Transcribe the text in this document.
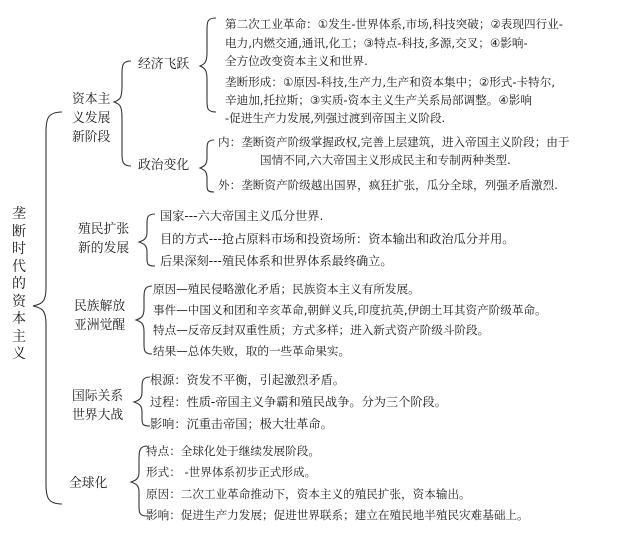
垄断时代的资本主义
资本主
义发展
新阶段
经济飞跃
政治变化
第二次工业革命：①发生-世界体系,市场,科技突破；②表现四行业-
电力,内燃交通,通讯,化工；③特点-科技,多源,交叉；④影响-
全方位改变资本主义和世界.
垄断形成：①原因-科技,生产力,生产和资本集中；②形式-卡特尔,
辛迪加,托拉斯；③实质-资本主义生产关系局部调整。④影响
-促进生产力发展,列强过渡到帝国主义阶段.
内：垄断资产阶级掌握政权,完善上层建筑，进入帝国主义阶段；由于
国情不同,六大帝国主义形成民主和专制两种类型.
外：垄断资产阶级越出国界，疯狂扩张，瓜分全球，列强矛盾激烈.
殖民扩张
新的发展
国家---六大帝国主义瓜分世界.
目的方式---抢占原料市场和投资场所：资本输出和政治瓜分并用。
后果深刻---殖民体系和世界体系最终确立。
民族解放
亚洲觉醒
原因—殖民侵略激化矛盾；民族资本主义有所发展。
事件—中国义和团和辛亥革命,朝鲜义兵,印度抗英,伊朗土耳其资产阶级革命。
特点—反帝反封双重性质；方式多样；进入新式资产阶级斗阶段。
结果—总体失败，取的一些革命果实。
国际关系
世界大战
根源：资发不平衡，引起激烈矛盾。
过程：性质-帝国主义争霸和殖民战争。分为三个阶段。
影响：沉重击帝国；极大壮革命。
全球化
特点：全球化处于继续发展阶段。
形式： -世界体系初步正式形成。
原因：二次工业革命推动下，资本主义的殖民扩张，资本输出。
影响：促进生产力发展；促进世界联系；建立在殖民地半殖民灾难基础上。
